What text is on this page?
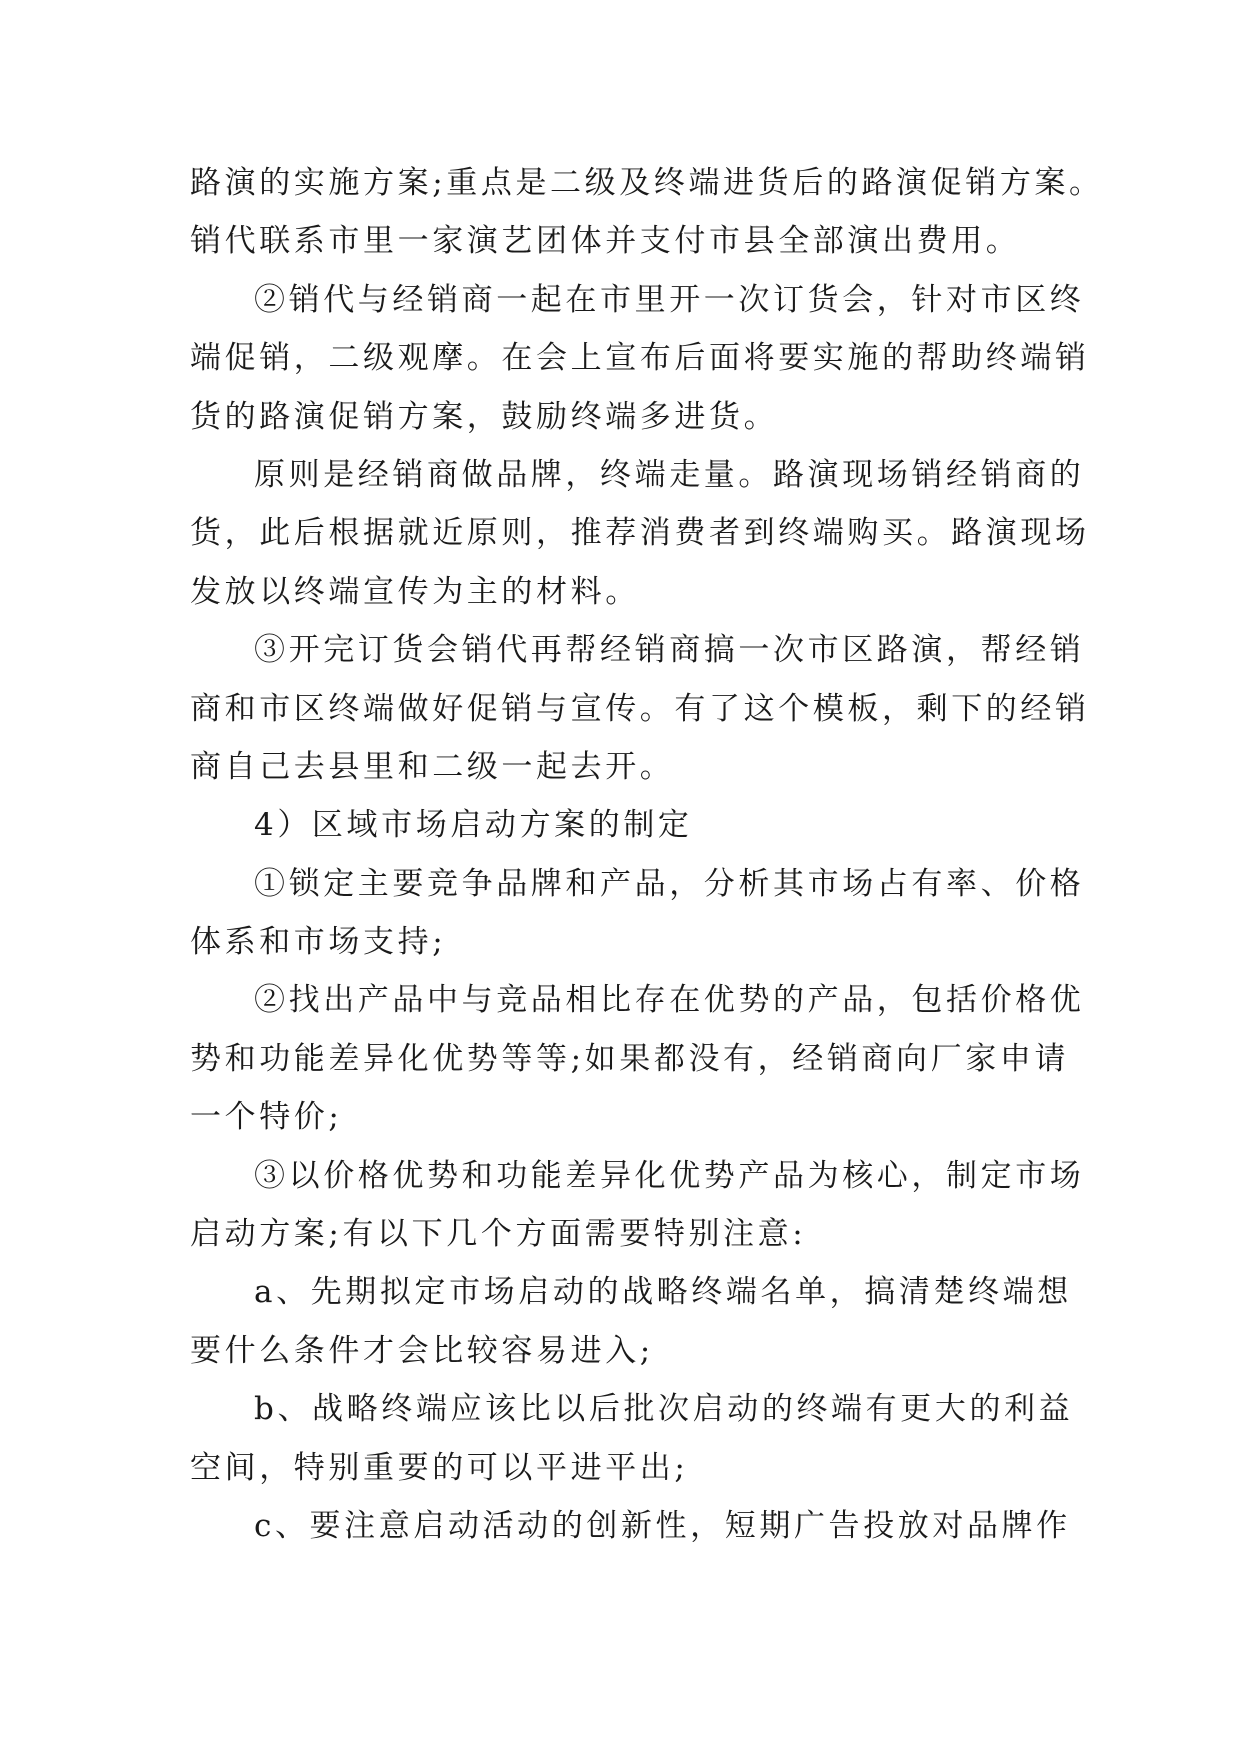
路演的实施方案;重点是二级及终端进货后的路演促销方案。
销代联系市里一家演艺团体并支付市县全部演出费用。
②销代与经销商一起在市里开一次订货会，针对市区终
端促销，二级观摩。在会上宣布后面将要实施的帮助终端销
货的路演促销方案，鼓励终端多进货。
原则是经销商做品牌，终端走量。路演现场销经销商的
货，此后根据就近原则，推荐消费者到终端购买。路演现场
发放以终端宣传为主的材料。
③开完订货会销代再帮经销商搞一次市区路演，帮经销
商和市区终端做好促销与宣传。有了这个模板，剩下的经销
商自己去县里和二级一起去开。
4）区域市场启动方案的制定
①锁定主要竞争品牌和产品，分析其市场占有率、价格
体系和市场支持;
②找出产品中与竞品相比存在优势的产品，包括价格优
势和功能差异化优势等等;如果都没有，经销商向厂家申请
一个特价;
③以价格优势和功能差异化优势产品为核心，制定市场
启动方案;有以下几个方面需要特别注意:
a、先期拟定市场启动的战略终端名单，搞清楚终端想
要什么条件才会比较容易进入;
b、战略终端应该比以后批次启动的终端有更大的利益
空间，特别重要的可以平进平出;
c、要注意启动活动的创新性，短期广告投放对品牌作
